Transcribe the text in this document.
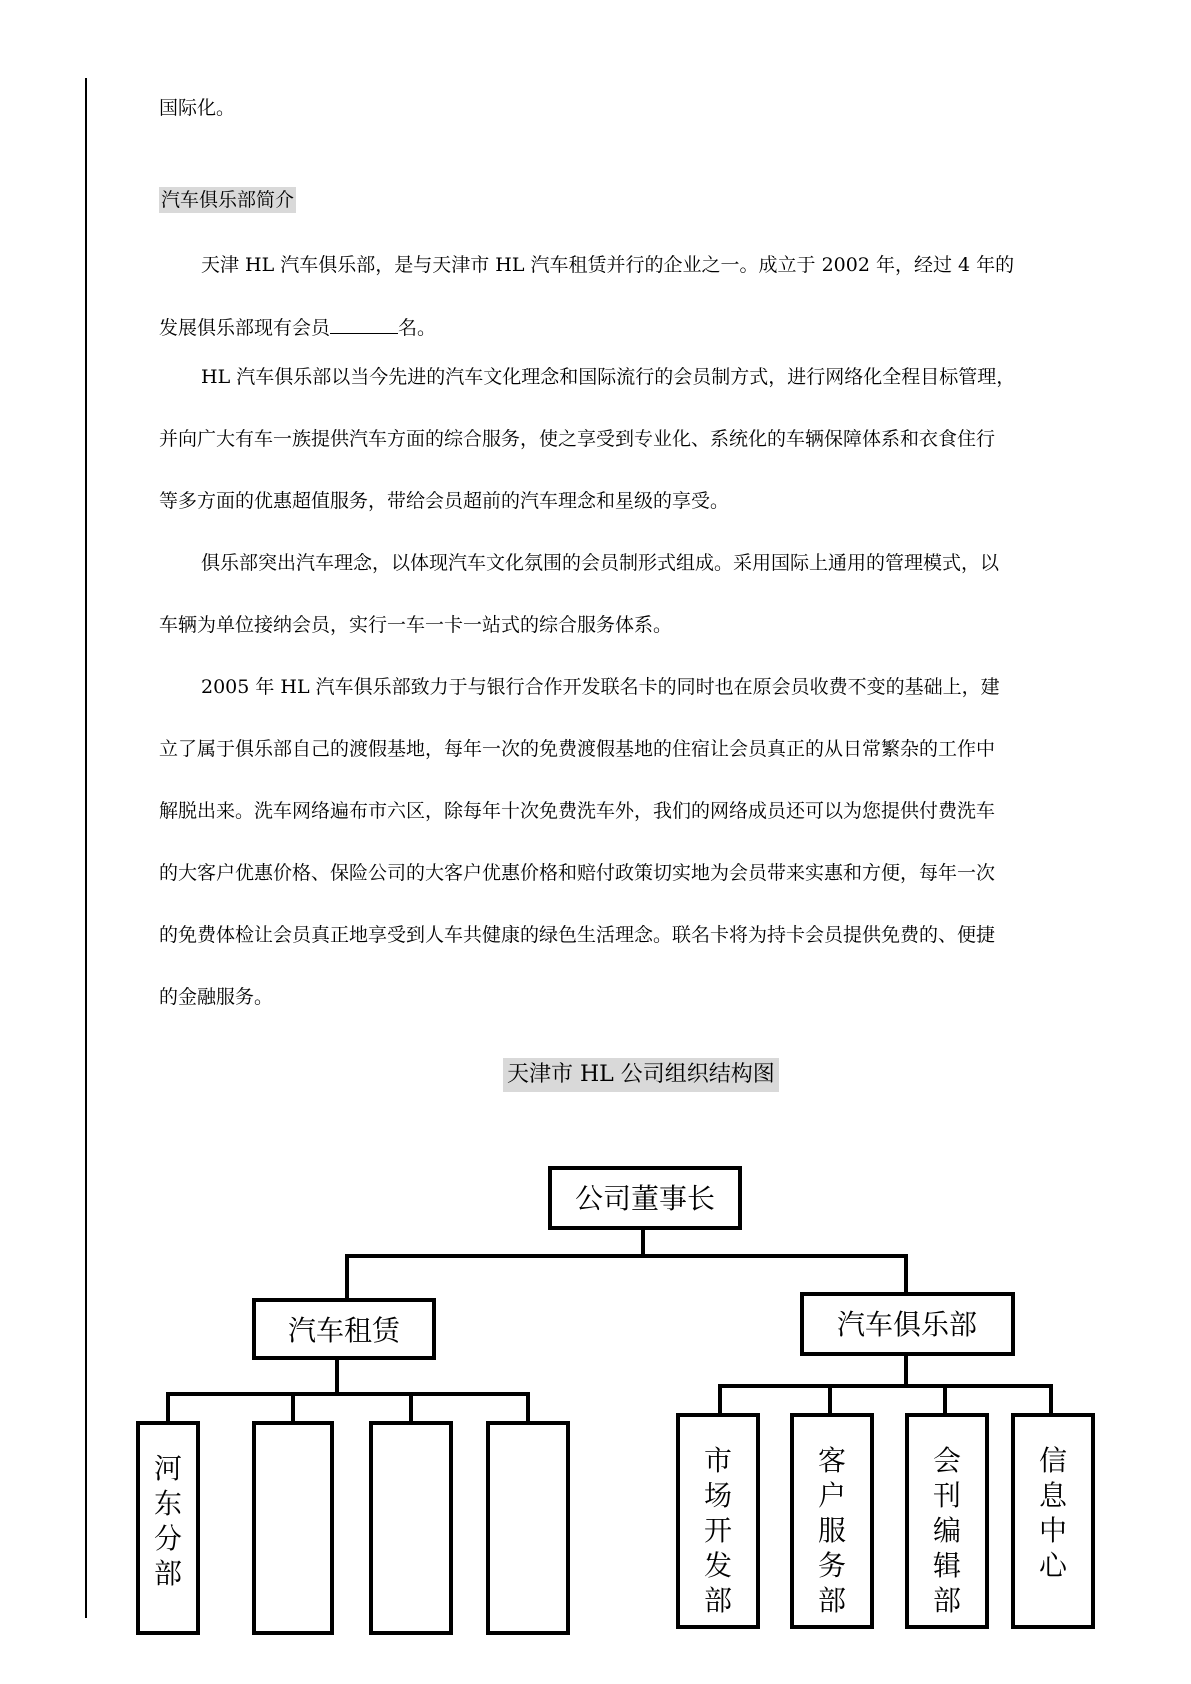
国际化。
汽车俱乐部简介
天津 HL 汽车俱乐部，是与天津市 HL 汽车租赁并行的企业之一。成立于 2002 年，经过 4 年的
发展俱乐部现有会员	名。
HL 汽车俱乐部以当今先进的汽车文化理念和国际流行的会员制方式，进行网络化全程目标管理，
并向广大有车一族提供汽车方面的综合服务，使之享受到专业化、系统化的车辆保障体系和衣食住行
等多方面的优惠超值服务，带给会员超前的汽车理念和星级的享受。
俱乐部突出汽车理念，以体现汽车文化氛围的会员制形式组成。采用国际上通用的管理模式，以
车辆为单位接纳会员，实行一车一卡一站式的综合服务体系。
2005 年 HL 汽车俱乐部致力于与银行合作开发联名卡的同时也在原会员收费不变的基础上，建
立了属于俱乐部自己的渡假基地，每年一次的免费渡假基地的住宿让会员真正的从日常繁杂的工作中
解脱出来。洗车网络遍布市六区，除每年十次免费洗车外，我们的网络成员还可以为您提供付费洗车
的大客户优惠价格、保险公司的大客户优惠价格和赔付政策切实地为会员带来实惠和方便，每年一次
的免费体检让会员真正地享受到人车共健康的绿色生活理念。联名卡将为持卡会员提供免费的、便捷
的金融服务。
天津市 HL 公司组织结构图
公司董事长
汽车租赁	汽车俱乐部
河东分部
市场开发部
客户服务部
会刊编辑部
信息中心
